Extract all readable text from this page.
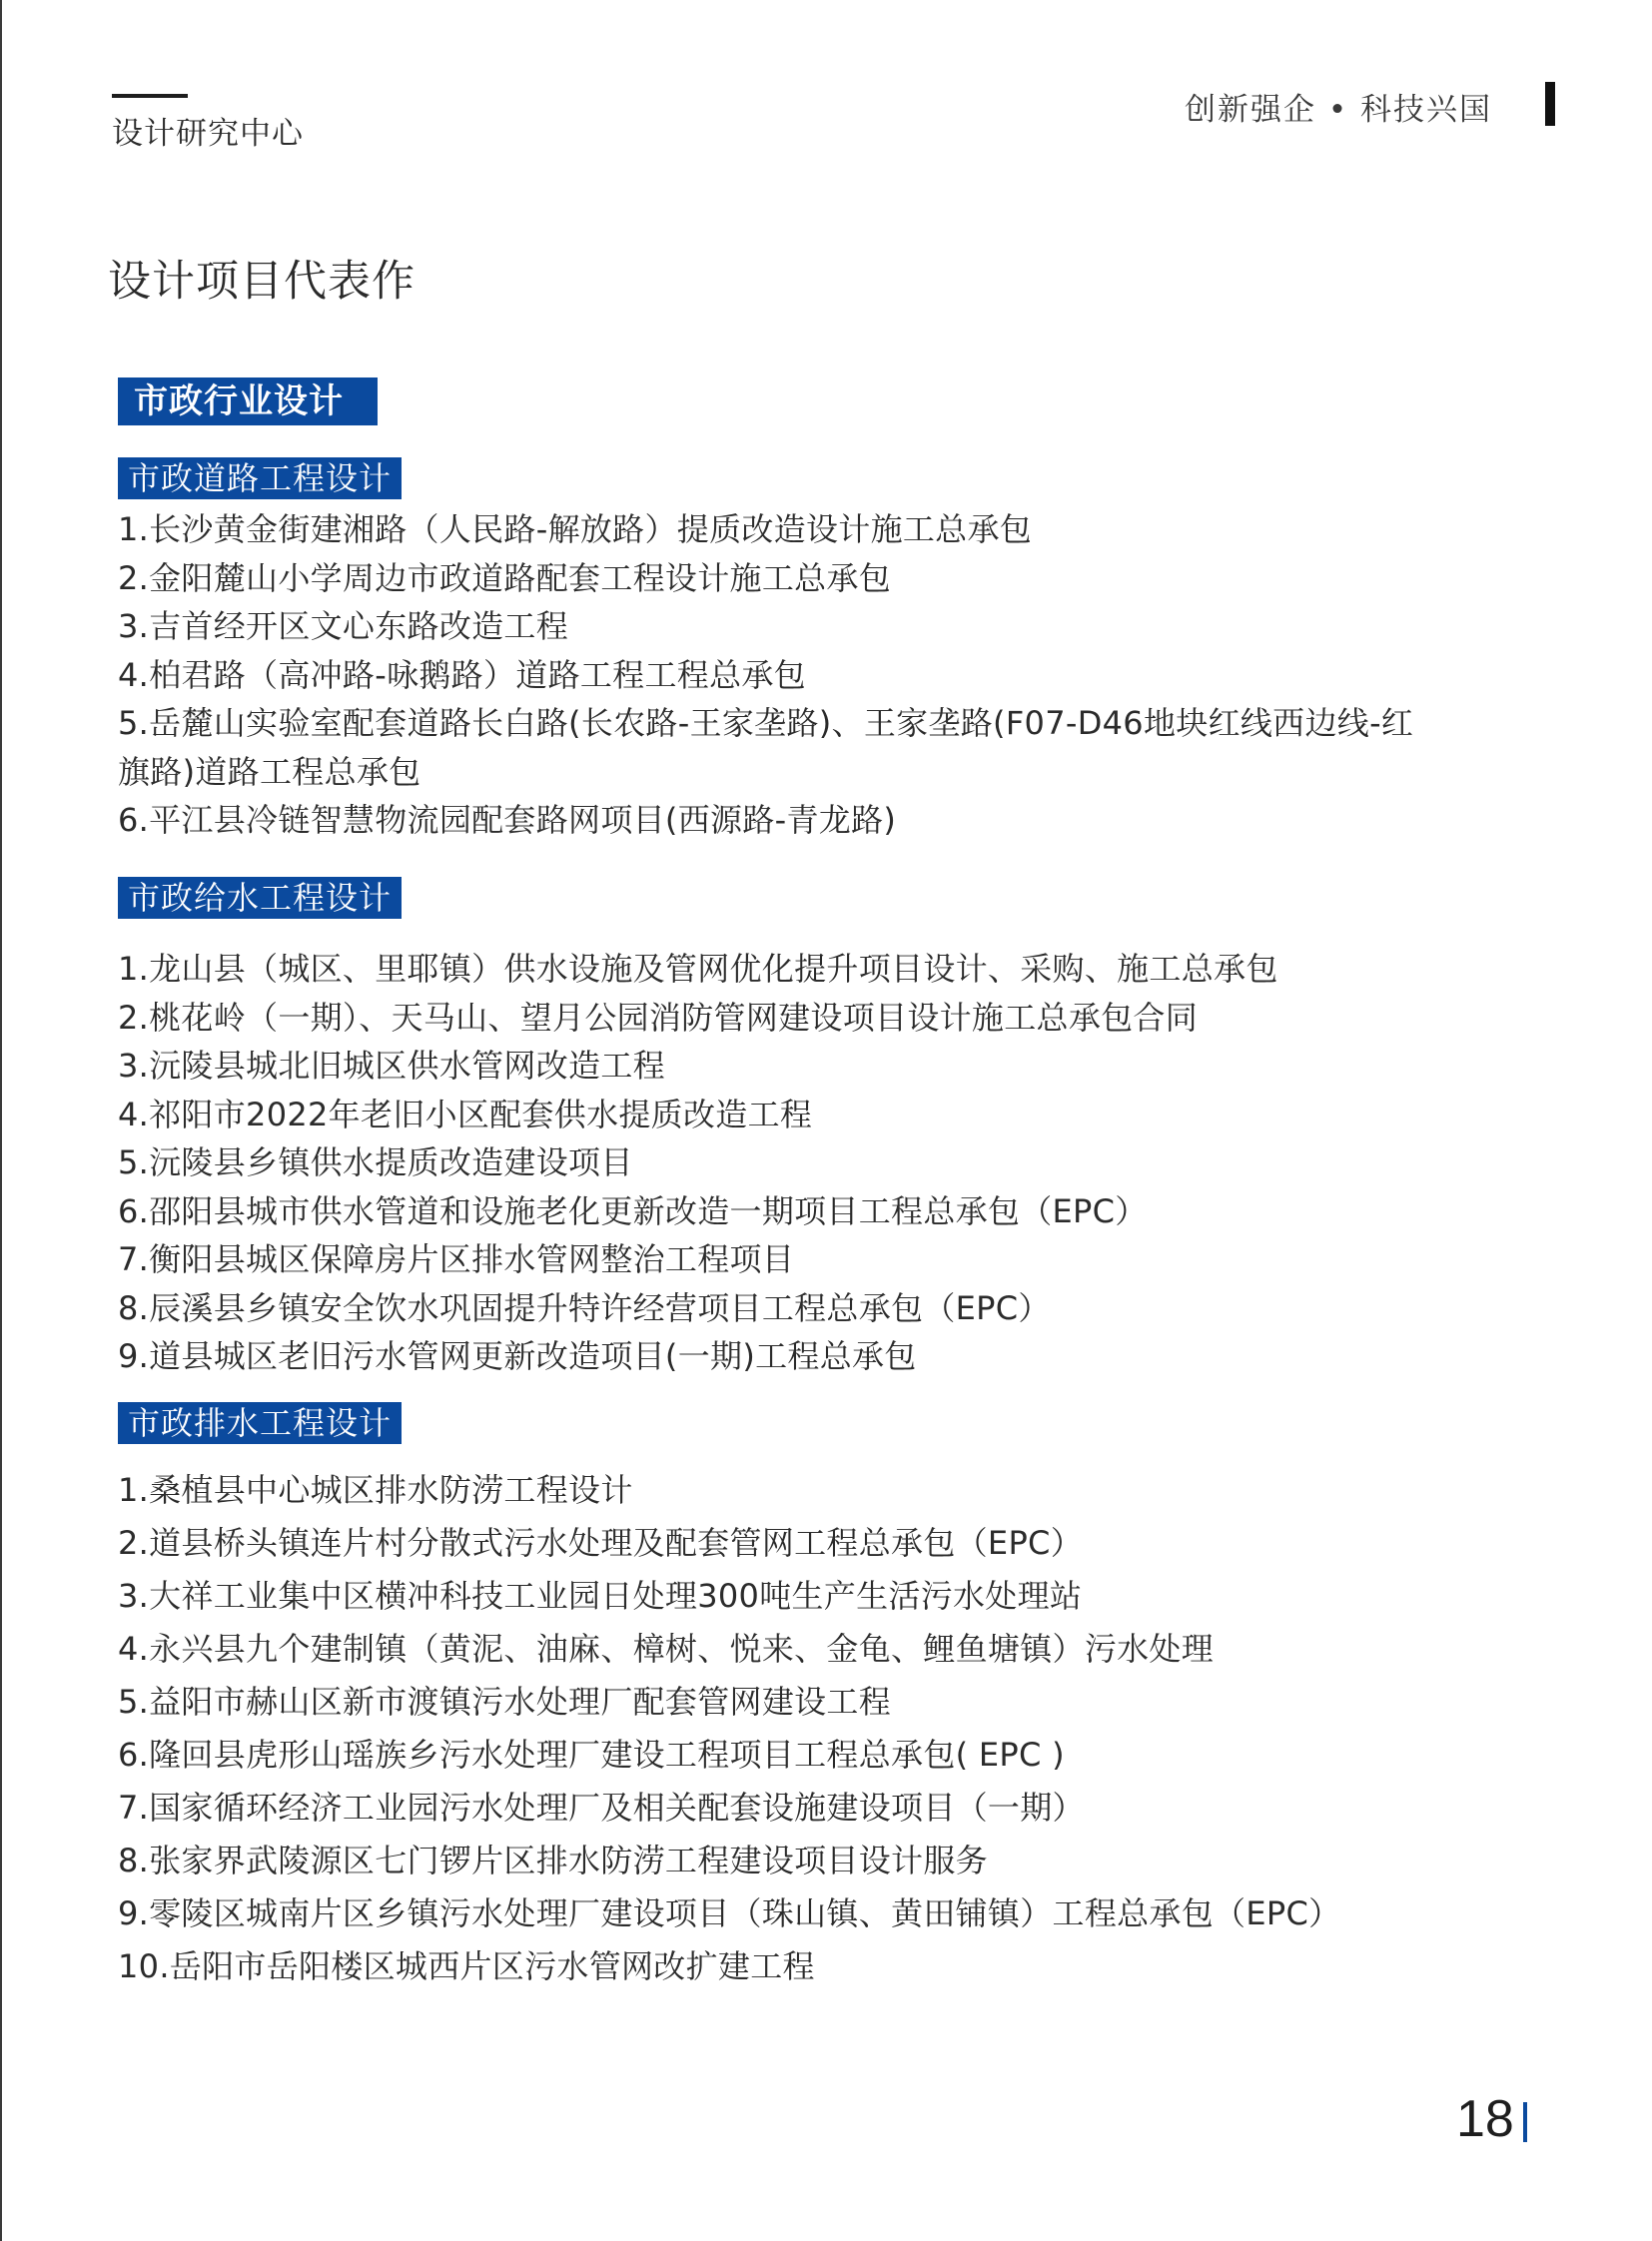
设计研究中心
创新强企 • 科技兴国
设计项目代表作
市政行业设计
市政道路工程设计
1.长沙黄金街建湘路（人民路-解放路）提质改造设计施工总承包
2.金阳麓山小学周边市政道路配套工程设计施工总承包
3.吉首经开区文心东路改造工程
4.柏君路（高冲路-咏鹅路）道路工程工程总承包
5.岳麓山实验室配套道路长白路(长农路-王家垄路)、王家垄路(F07-D46地块红线西边线-红
旗路)道路工程总承包
6.平江县冷链智慧物流园配套路网项目(西源路-青龙路)
市政给水工程设计
1.龙山县（城区、里耶镇）供水设施及管网优化提升项目设计、采购、施工总承包
2.桃花岭（一期）、天马山、望月公园消防管网建设项目设计施工总承包合同
3.沅陵县城北旧城区供水管网改造工程
4.祁阳市2022年老旧小区配套供水提质改造工程
5.沅陵县乡镇供水提质改造建设项目
6.邵阳县城市供水管道和设施老化更新改造一期项目工程总承包（EPC）
7.衡阳县城区保障房片区排水管网整治工程项目
8.辰溪县乡镇安全饮水巩固提升特许经营项目工程总承包（EPC）
9.道县城区老旧污水管网更新改造项目(一期)工程总承包
市政排水工程设计
1.桑植县中心城区排水防涝工程设计
2.道县桥头镇连片村分散式污水处理及配套管网工程总承包（EPC）
3.大祥工业集中区横冲科技工业园日处理300吨生产生活污水处理站
4.永兴县九个建制镇（黄泥、油麻、樟树、悦来、金龟、鲤鱼塘镇）污水处理
5.益阳市赫山区新市渡镇污水处理厂配套管网建设工程
6.隆回县虎形山瑶族乡污水处理厂建设工程项目工程总承包( EPC )
7.国家循环经济工业园污水处理厂及相关配套设施建设项目（一期）
8.张家界武陵源区七门锣片区排水防涝工程建设项目设计服务
9.零陵区城南片区乡镇污水处理厂建设项目（珠山镇、黄田铺镇）工程总承包（EPC）
10.岳阳市岳阳楼区城西片区污水管网改扩建工程
18
